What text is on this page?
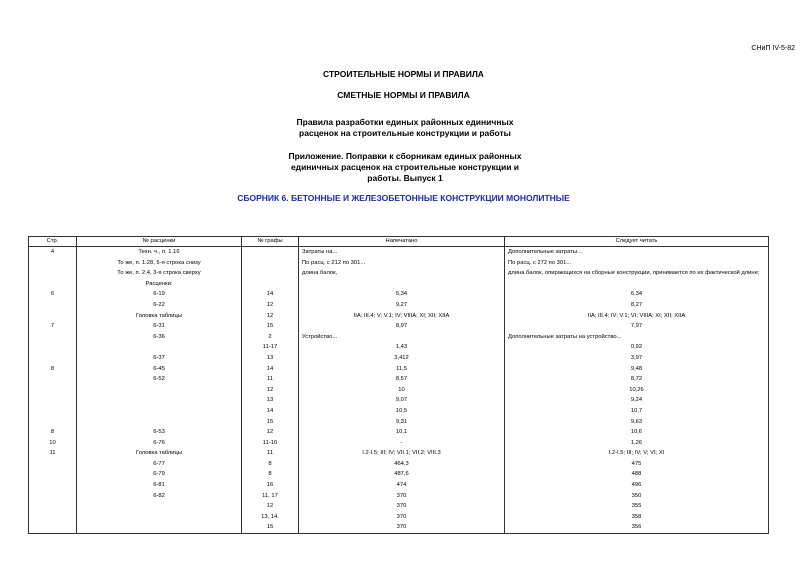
СНиП IV-5-82
СТРОИТЕЛЬНЫЕ НОРМЫ И ПРАВИЛА
СМЕТНЫЕ НОРМЫ И ПРАВИЛА
Правила разработки единых районных единичных расценок на строительные конструкции и работы
Приложение. Поправки к сборникам единых районных единичных расценок на строительные конструкции и работы. Выпуск 1
СБОРНИК 6. БЕТОННЫЕ И ЖЕЛЕЗОБЕТОННЫЕ КОНСТРУКЦИИ МОНОЛИТНЫЕ
Стр.	№ расценки	№ графы	Напечатано	Следует читать
4	Техн. ч., п. 1.16		Затраты на...	Дополнительные затраты...
	То же, п. 1.28, 5-я строка снизу		По расц. с 212 по 301...	По расц. с 272 по 301...
	То же, п. 2.4, 3-я строка сверху		длина балок,	длина балок, опирающихся на сборные конструкции, принимается по их фактической длине;
	Расценки:			
6	6-19	14	5,34	6,34
	6-22	12	9,27	8,27
	Головка таблицы	12	IIA; III.4; V; V.1; IV; VIIIA; XI; XII; XIIA	IIA; III.4; IV; V.1; VI; VIIIA; XI; XII; XIIA
7	6-31	15	8,97	7,97
	6-36	2	Устройство...	Дополнительные затраты на устройство...
		11-17	1,43	0,92
	6-37	13	3,412	3,97
8	6-45	14	11,5	9,48
	6-52	11	8,57	8,72
		12	10	10,26
		13	9,07	9,24
		14	10,5	10,7
		15	9,31	9,63
8	6-53	12	10,1	10,6
10	6-76	11-16	-	1,26
11	Головка таблицы	11	I.2-I.5; III; IV; VII.1; VII.2; VIII.3	I.2-I.5; III; IV; V; VI; XI
	6-77	8	464,3	475
	6-79	8	487,6	488
	6-81	16	474	496
	6-82	11, 17	370	350
		12	370	355
		13, 14.	370	358
		15	370	356
